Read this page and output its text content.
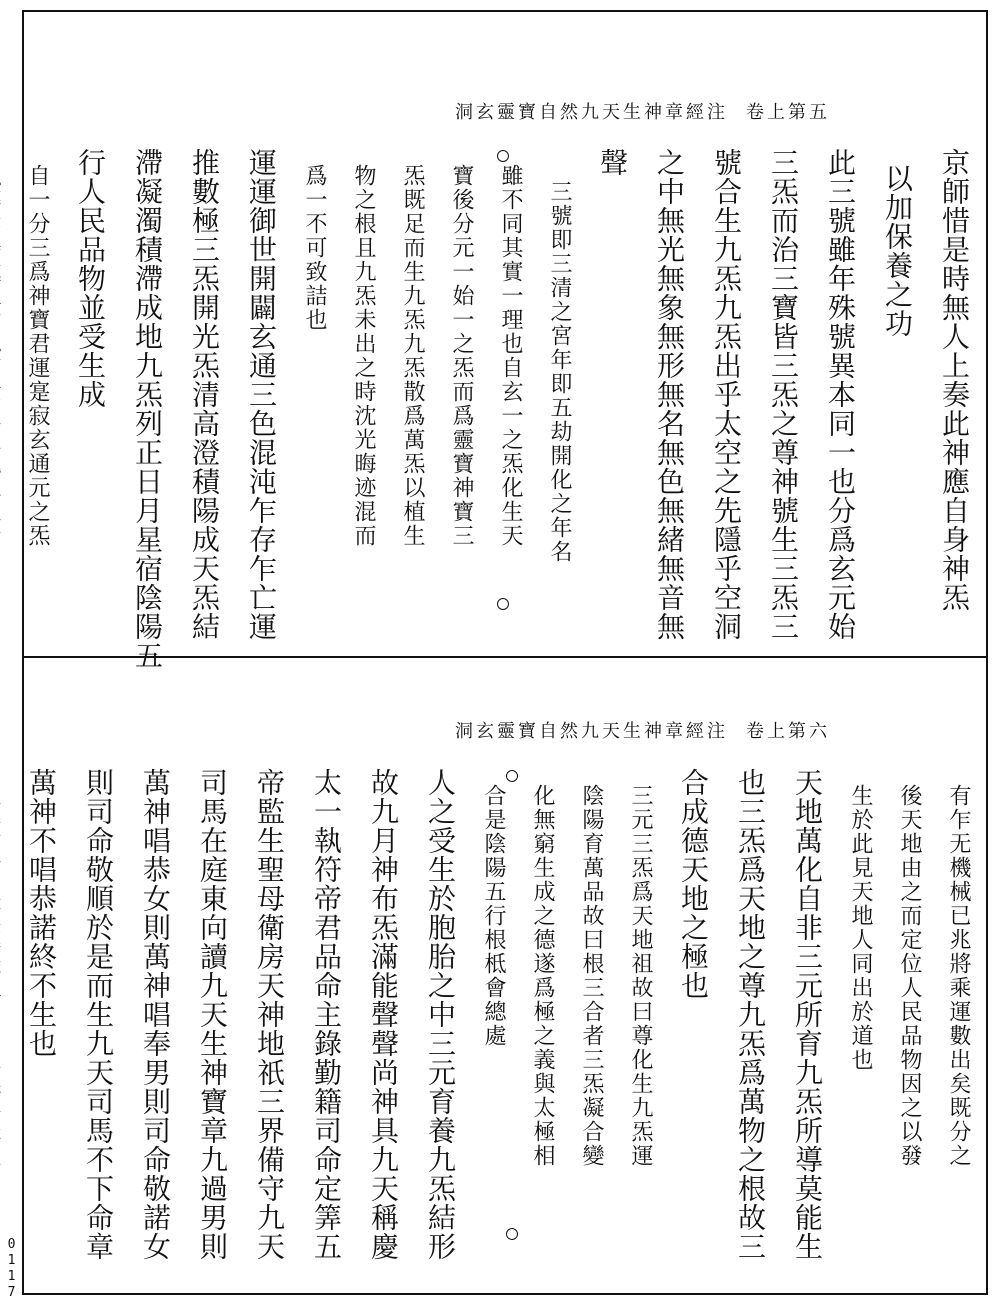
洞玄靈寶自然九天生神章經注 卷上第五
京師惜是時無人上奏此神應自身神炁
以加保養之功
此三號雖年殊號異本同一也分爲玄元始
三炁而治三寶皆三炁之尊神號生三炁三
號合生九炁九炁出乎太空之先隱乎空洞
之中無光無象無形無名無色無緒無音無
聲
三號即三清之宮年即五劫開化之年名
雖不同其實一理也自玄一之炁化生天
寶後分元一始一之炁而爲靈寶神寶三
炁既足而生九炁九炁散爲萬炁以植生
物之根且九炁未出之時沈光晦迹混而
爲一不可致詰也
運運御世開闢玄通三色混沌乍存乍亡運
推數極三炁開光炁清高澄積陽成天炁結
滯凝濁積滯成地九炁列正日月星宿陰陽五
行人民品物並受生成
自一分三爲神寶君運寔寂玄通元之炁
洞玄靈寶自然九天生神章經注 卷上第六
有乍无機械已兆將乘運數出矣既分之
後天地由之而定位人民品物因之以發
生於此見天地人同出於道也
天地萬化自非三元所育九炁所導莫能生
也三炁爲天地之尊九炁爲萬物之根故三
合成德天地之極也
三元三炁爲天地祖故曰尊化生九炁運
陰陽育萬品故曰根三合者三炁凝合變
化無窮生成之德遂爲極之義與太極相
合是陰陽五行根柢會總處
人之受生於胞胎之中三元育養九炁結形
故九月神布炁滿能聲聲尚神具九天稱慶
太一執符帝君品命主錄勤籍司命定筭五
帝監生聖母衛房天神地祇三界備守九天
司馬在庭東向讀九天生神寶章九過男則
萬神唱恭女則萬神唱奉男則司命敬諾女
則司命敬順於是而生九天司馬不下命章
萬神不唱恭諾終不生也
0117
